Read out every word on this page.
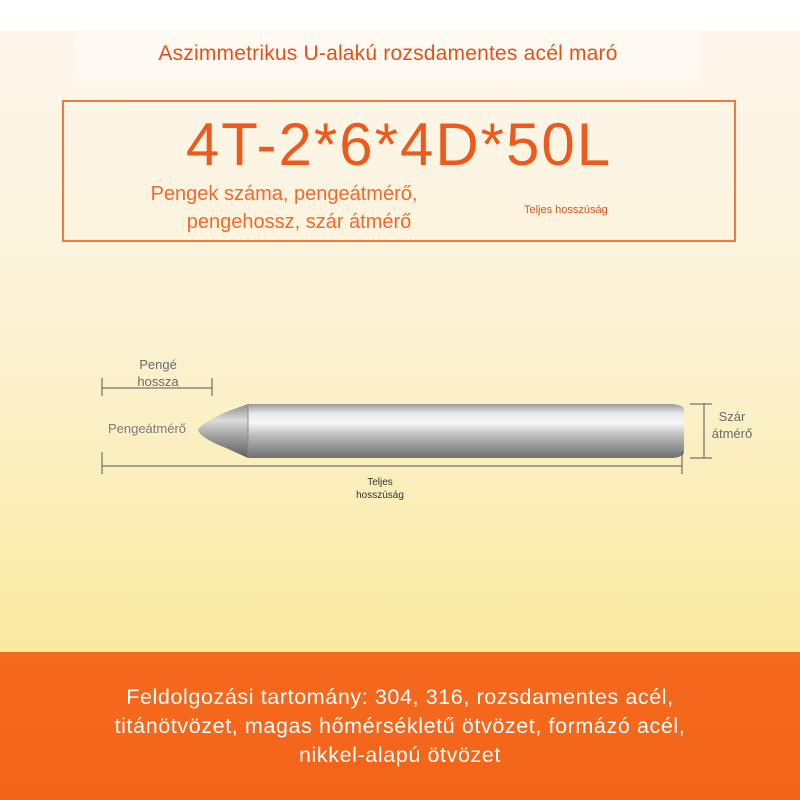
Aszimmetrikus U-alakú rozsdamentes acél maró
4T-2*6*4D*50L
Pengek száma, pengeátmérő,
pengehossz, szár átmérő
Teljes hosszúság
Pengé
hossza
Pengeátmérő
Szár
átmérő
Teljes
hosszúság
Feldolgozási tartomány: 304, 316, rozsdamentes acél,
titánötvözet, magas hőmérsékletű ötvözet, formázó acél,
nikkel-alapú ötvözet
